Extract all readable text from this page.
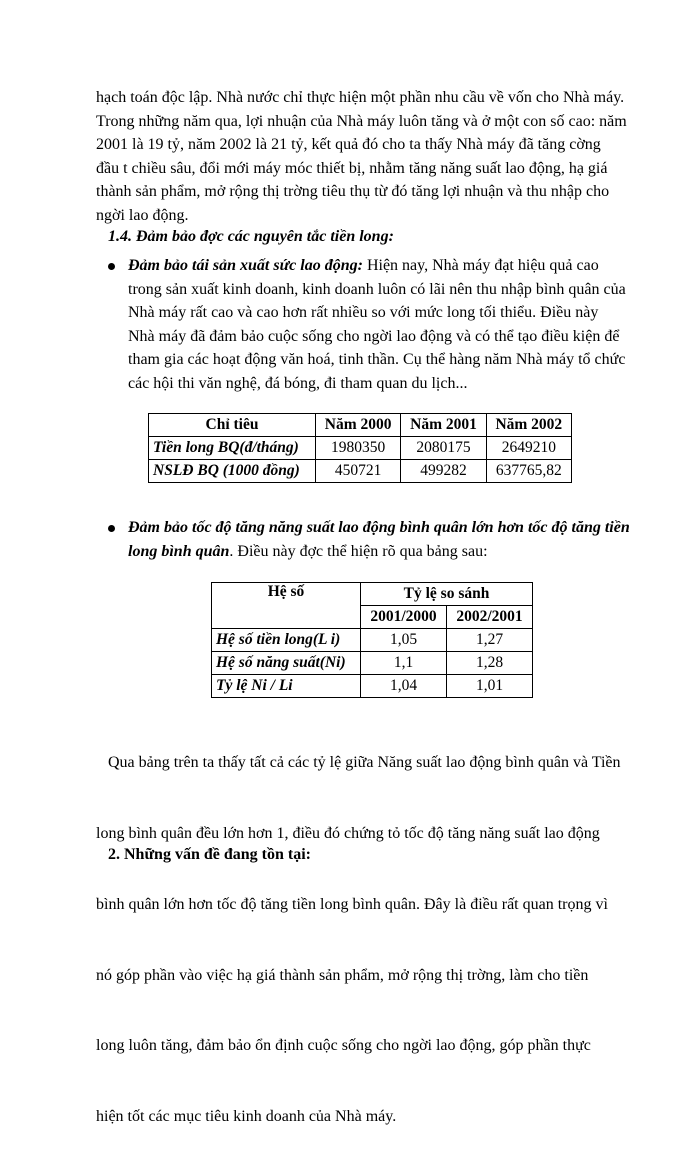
hạch toán độc lập. Nhà nước chỉ thực hiện một phần nhu cầu về vốn cho Nhà máy.
Trong những năm qua, lợi nhuận của Nhà máy luôn tăng và ở một con số cao: năm
2001 là 19 tỷ, năm 2002 là 21 tỷ, kết quả đó cho ta thấy Nhà máy đã tăng cờng
đầu t chiều sâu, đổi mới máy móc thiết bị, nhằm tăng năng suất lao động, hạ giá
thành sản phẩm, mở rộng thị trờng tiêu thụ từ đó tăng lợi nhuận và thu nhập cho
ngời lao động.

1.4. Đảm bảo đợc các nguyên tắc tiền long:

Đảm bảo tái sản xuất sức lao động: Hiện nay, Nhà máy đạt hiệu quả cao
trong sản xuất kinh doanh, kinh doanh luôn có lãi nên thu nhập bình quân của
Nhà máy rất cao và cao hơn rất nhiều so với mức long tối thiểu. Điều này
Nhà máy đã đảm bảo cuộc sống cho ngời lao động và có thể tạo điều kiện để
tham gia các hoạt động văn hoá, tinh thần. Cụ thể hàng năm Nhà máy tổ chức
các hội thi văn nghệ, đá bóng, đi tham quan du lịch...

Chỉ tiêu	Năm 2000	Năm 2001	Năm 2002
Tiền long BQ(đ/tháng)	1980350	2080175	2649210
NSLĐ BQ (1000 đồng)	450721	499282	637765,82

Đảm bảo tốc độ tăng năng suất lao động bình quân lớn hơn tốc độ tăng tiền
long bình quân. Điều này đợc thể hiện rõ qua bảng sau:

Hệ số	Tỷ lệ so sánh	
	2001/2000	2002/2001
Hệ số tiền long(L i)	1,05	1,27
Hệ số năng suất(Ni)	1,1	1,28
Tỷ lệ Ni / Li	1,04	1,01

Qua bảng trên ta thấy tất cả các tỷ lệ giữa Năng suất lao động bình quân và Tiền

long bình quân đều lớn hơn 1, điều đó chứng tỏ tốc độ tăng năng suất lao động

bình quân lớn hơn tốc độ tăng tiền long bình quân. Đây là điều rất quan trọng vì

nó góp phần vào việc hạ giá thành sản phẩm, mở rộng thị trờng, làm cho tiền

long luôn tăng, đảm bảo ổn định cuộc sống cho ngời lao động, góp phần thực

hiện tốt các mục tiêu kinh doanh của Nhà máy.

2. Những vấn đề đang tồn tại:
